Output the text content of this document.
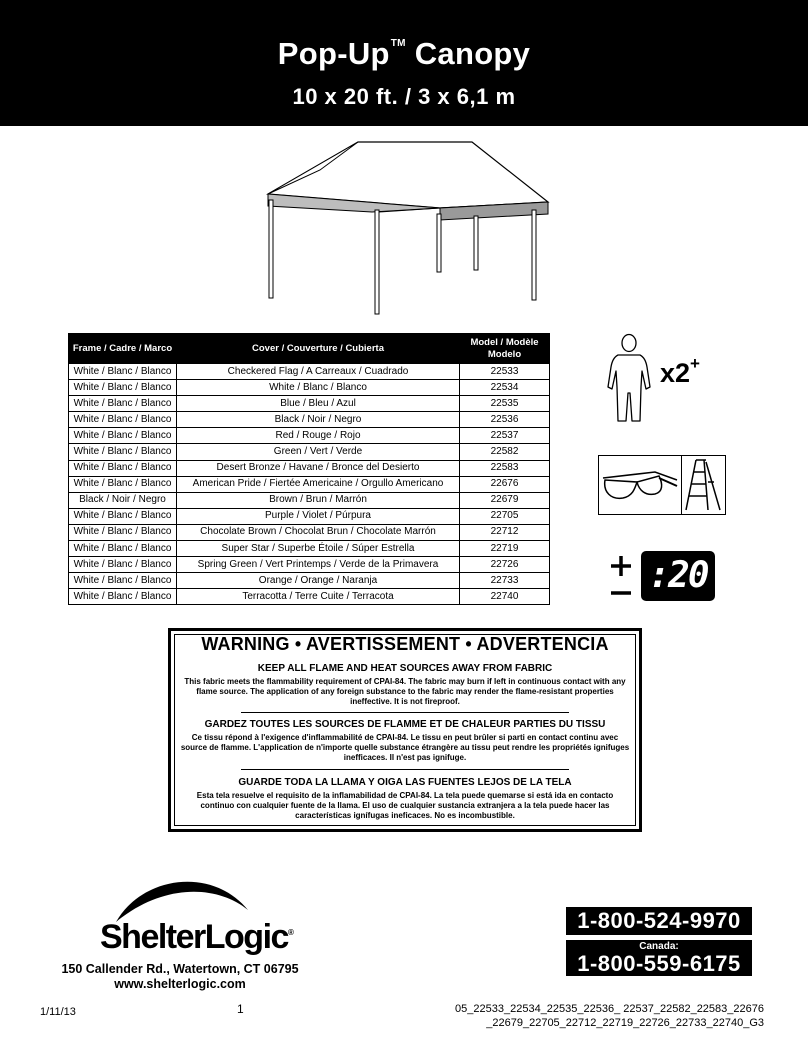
Pop-Up™ Canopy
10 x 20 ft. / 3 x 6,1 m
Frame / Cadre / Marco	Cover / Couverture / Cubierta	Model / Modèle Modelo
White / Blanc / Blanco	Checkered Flag / A Carreaux / Cuadrado	22533
White / Blanc / Blanco	White / Blanc / Blanco	22534
White / Blanc / Blanco	Blue / Bleu / Azul	22535
White / Blanc / Blanco	Black / Noir / Negro	22536
White / Blanc / Blanco	Red / Rouge / Rojo	22537
White / Blanc / Blanco	Green / Vert / Verde	22582
White / Blanc / Blanco	Desert Bronze / Havane / Bronce del Desierto	22583
White / Blanc / Blanco	American Pride / Fiertée Americaine / Orgullo Americano	22676
Black / Noir / Negro	Brown / Brun / Marrón	22679
White / Blanc / Blanco	Purple / Violet / Púrpura	22705
White / Blanc / Blanco	Chocolate Brown / Chocolat Brun / Chocolate Marrón	22712
White / Blanc / Blanco	Super Star / Superbe Étoile / Súper Estrella	22719
White / Blanc / Blanco	Spring Green / Vert Printemps / Verde de la Primavera	22726
White / Blanc / Blanco	Orange / Orange / Naranja	22733
White / Blanc / Blanco	Terracotta / Terre Cuite / Terracota	22740
x2+
:20
WARNING • AVERTISSEMENT • ADVERTENCIA
KEEP ALL FLAME AND HEAT SOURCES AWAY FROM FABRIC
This fabric meets the flammability requirement of CPAI-84. The fabric may burn if left in continuous contact with any flame source. The application of any foreign substance to the fabric may render the flame-resistant properties ineffective. It is not fireproof.
GARDEZ TOUTES LES SOURCES DE FLAMME ET DE CHALEUR PARTIES DU TISSU
Ce tissu répond à l'exigence d'inflammabilité de CPAI-84. Le tissu en peut brûler si parti en contact continu avec source de flamme. L'application de n'importe quelle substance étrangère au tissu peut rendre les propriétés ignifuges inefficaces. Il n'est pas ignifuge.
GUARDE TODA LA LLAMA Y OIGA LAS FUENTES LEJOS DE LA TELA
Esta tela resuelve el requisito de la inflamabilidad de CPAI-84. La tela puede quemarse si está ida en contacto continuo con cualquier fuente de la llama. El uso de cualquier sustancia extranjera a la tela puede hacer las características ignífugas ineficaces. No es incombustible.
ShelterLogic®
150 Callender Rd., Watertown, CT 06795
www.shelterlogic.com
1-800-524-9970
Canada:
1-800-559-6175
1/11/13	1	05_22533_22534_22535_22536_ 22537_22582_22583_22676
_22679_22705_22712_22719_22726_22733_22740_G3
